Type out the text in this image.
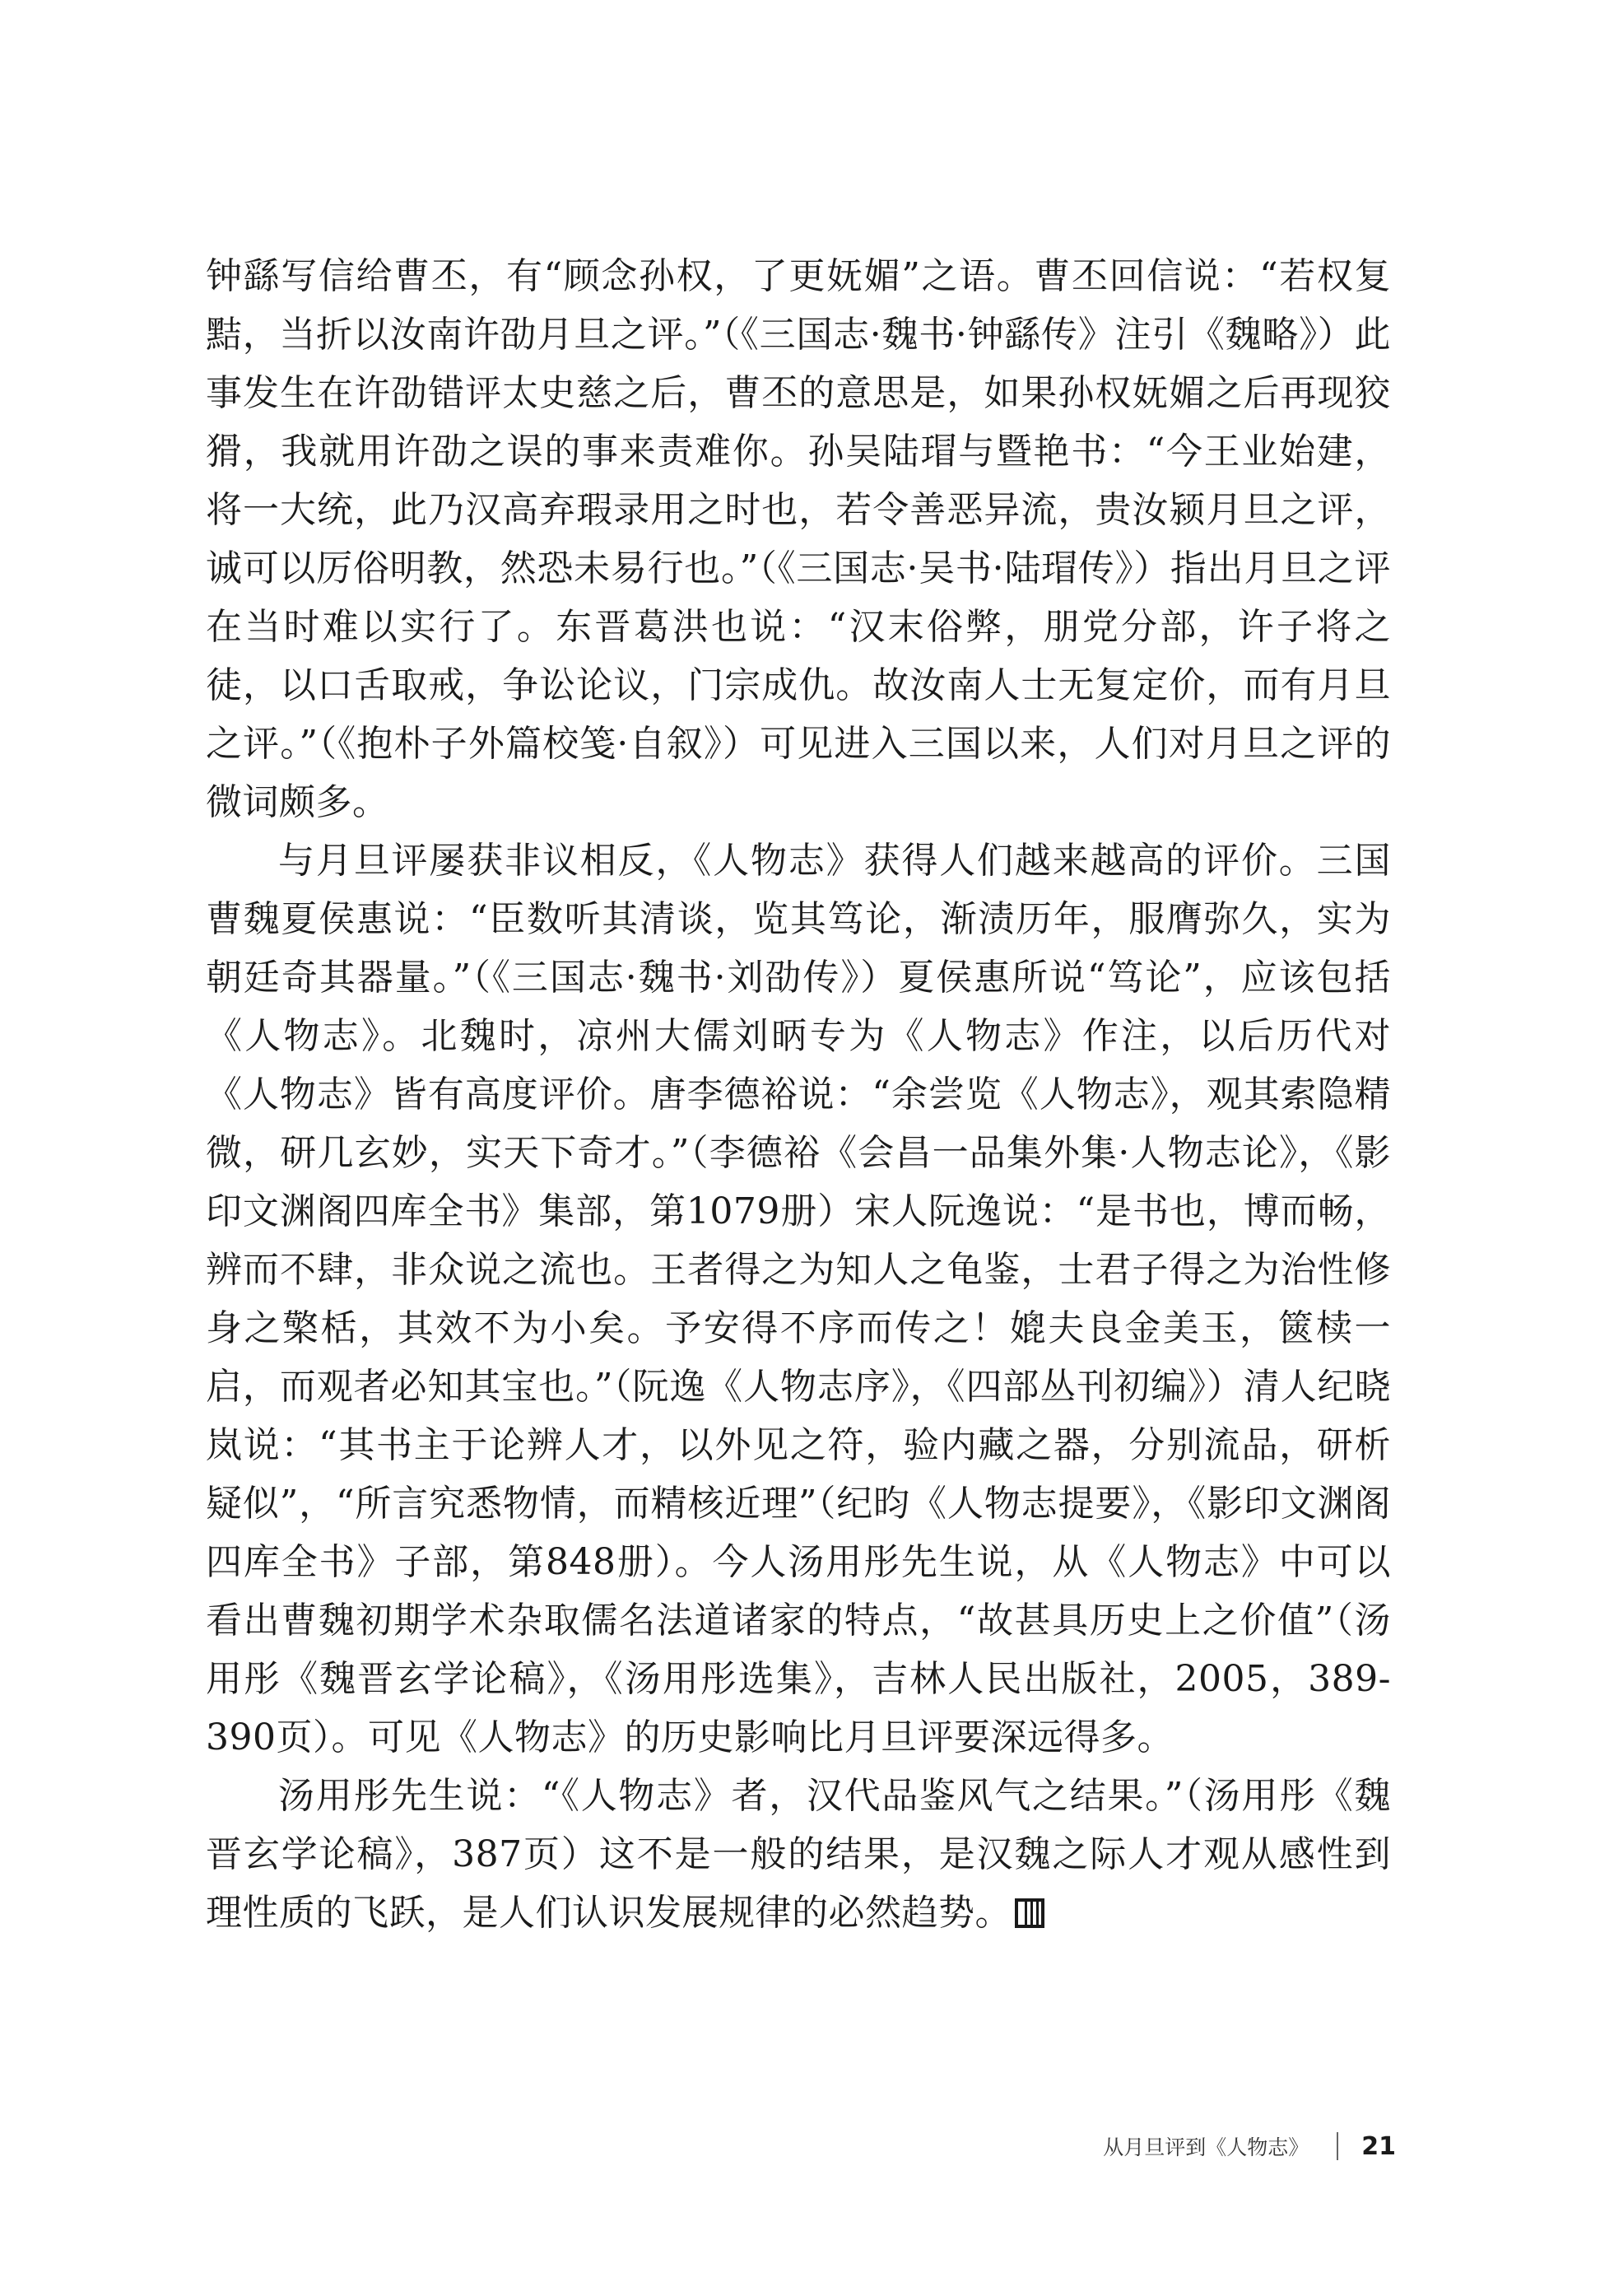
钟繇写信给曹丕，有“顾念孙权，了更妩媚”之语。曹丕回信说：“若权复黠，当折以汝南许劭月旦之评。”（《三国志·魏书·钟繇传》注引《魏略》）此事发生在许劭错评太史慈之后，曹丕的意思是，如果孙权妩媚之后再现狡猾，我就用许劭之误的事来责难你。孙吴陆瑁与暨艳书：“今王业始建，将一大统，此乃汉高弃瑕录用之时也，若令善恶异流，贵汝颍月旦之评，诚可以厉俗明教，然恐未易行也。”（《三国志·吴书·陆瑁传》）指出月旦之评在当时难以实行了。东晋葛洪也说：“汉末俗弊，朋党分部，许子将之徒，以口舌取戒，争讼论议，门宗成仇。故汝南人士无复定价，而有月旦之评。”（《抱朴子外篇校笺·自叙》）可见进入三国以来，人们对月旦之评的微词颇多。

与月旦评屡获非议相反，《人物志》获得人们越来越高的评价。三国曹魏夏侯惠说：“臣数听其清谈，览其笃论，渐渍历年，服膺弥久，实为朝廷奇其器量。”（《三国志·魏书·刘劭传》）夏侯惠所说“笃论”，应该包括《人物志》。北魏时，凉州大儒刘昞专为《人物志》作注，以后历代对《人物志》皆有高度评价。唐李德裕说：“余尝览《人物志》，观其索隐精微，研几玄妙，实天下奇才。”（李德裕《会昌一品集外集·人物志论》，《影印文渊阁四库全书》集部，第1079册）宋人阮逸说：“是书也，博而畅，辨而不肆，非众说之流也。王者得之为知人之龟鉴，士君子得之为治性修身之檠栝，其效不为小矣。予安得不序而传之！媲夫良金美玉，篋椟一启，而观者必知其宝也。”（阮逸《人物志序》，《四部丛刊初编》）清人纪晓岚说：“其书主于论辨人才，以外见之符，验内藏之器，分别流品，研析疑似”，“所言究悉物情，而精核近理”（纪昀《人物志提要》，《影印文渊阁四库全书》子部，第848册）。今人汤用彤先生说，从《人物志》中可以看出曹魏初期学术杂取儒名法道诸家的特点，“故甚具历史上之价值”（汤用彤《魏晋玄学论稿》，《汤用彤选集》，吉林人民出版社，2005，389-390页）。可见《人物志》的历史影响比月旦评要深远得多。

汤用彤先生说：“《人物志》者，汉代品鉴风气之结果。”（汤用彤《魏晋玄学论稿》，387页）这不是一般的结果，是汉魏之际人才观从感性到理性质的飞跃，是人们认识发展规律的必然趋势。

从月旦评到《人物志》 21
